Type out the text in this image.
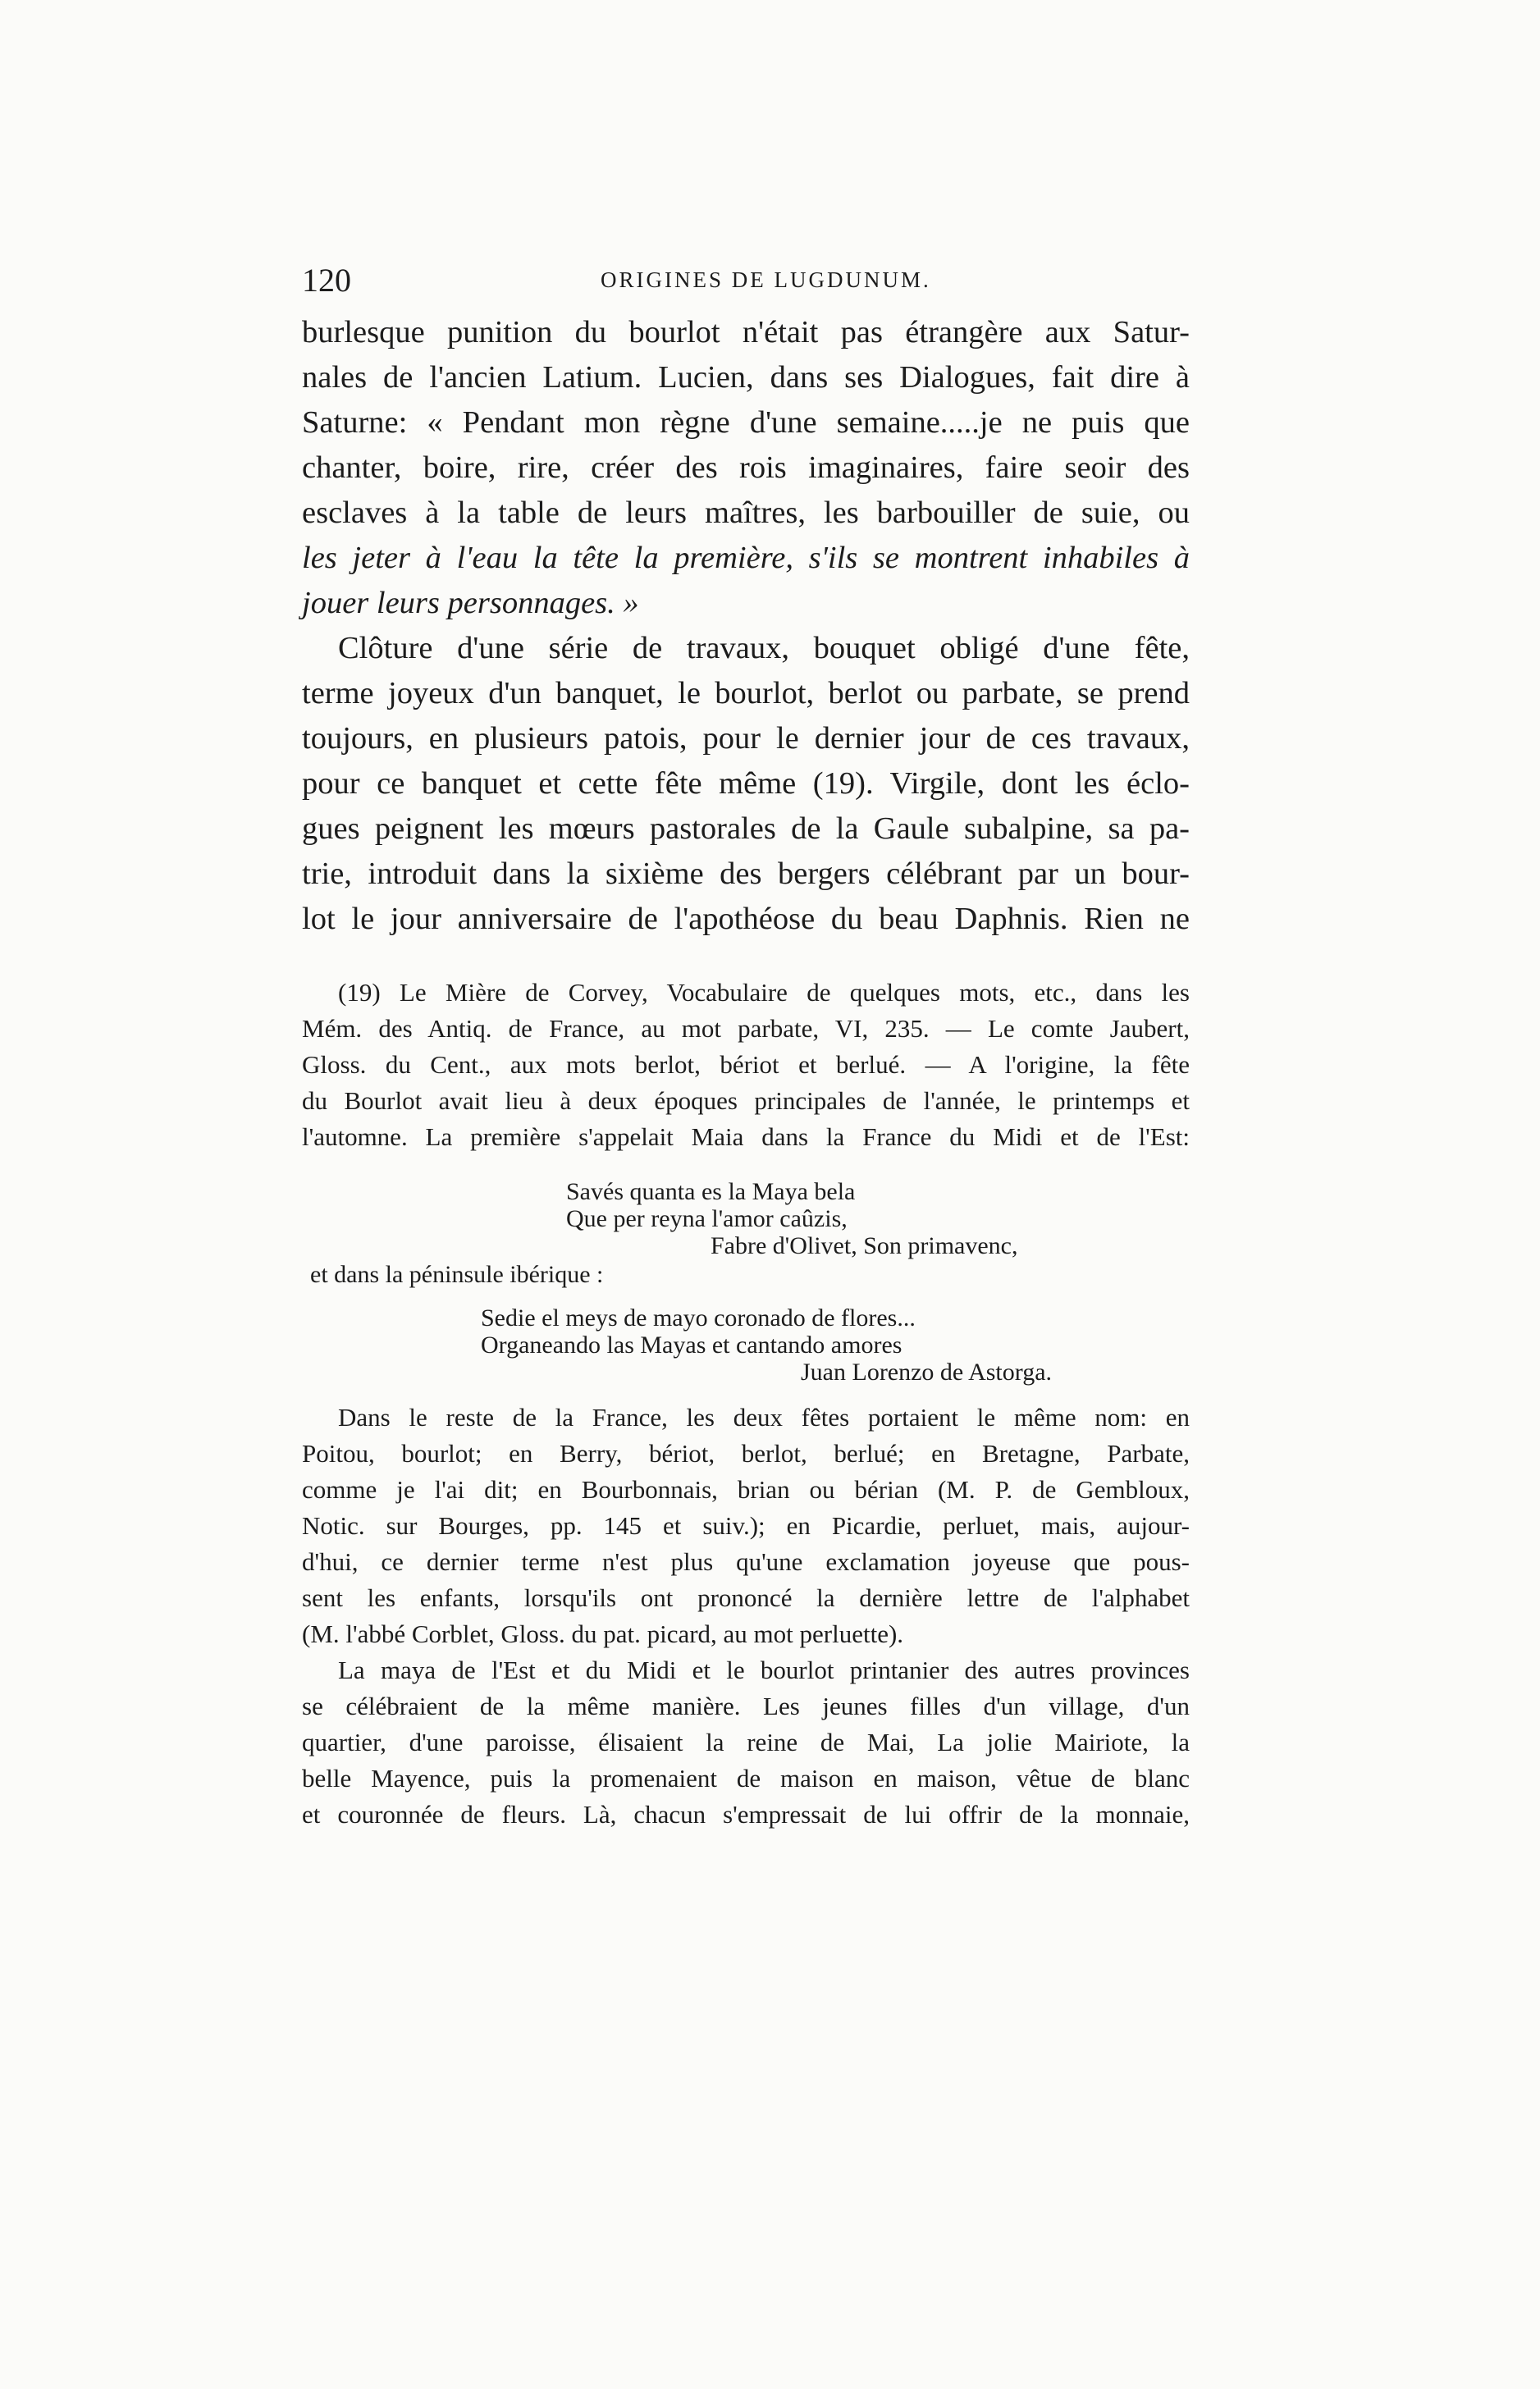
120	ORIGINES DE LUGDUNUM.
burlesque punition du bourlot n'était pas étrangère aux Satur-
nales de l'ancien Latium. Lucien, dans ses Dialogues, fait dire à
Saturne: « Pendant mon règne d'une semaine.....je ne puis que
chanter, boire, rire, créer des rois imaginaires, faire seoir des
esclaves à la table de leurs maîtres, les barbouiller de suie, ou
les jeter à l'eau la tête la première, s'ils se montrent inhabiles à
jouer leurs personnages. »
Clôture d'une série de travaux, bouquet obligé d'une fête,
terme joyeux d'un banquet, le bourlot, berlot ou parbate, se prend
toujours, en plusieurs patois, pour le dernier jour de ces travaux,
pour ce banquet et cette fête même (19). Virgile, dont les éclo-
gues peignent les mœurs pastorales de la Gaule subalpine, sa pa-
trie, introduit dans la sixième des bergers célébrant par un bour-
lot le jour anniversaire de l'apothéose du beau Daphnis. Rien ne
(19) Le Mière de Corvey, Vocabulaire de quelques mots, etc., dans les
Mém. des Antiq. de France, au mot parbate, VI, 235. — Le comte Jaubert,
Gloss. du Cent., aux mots berlot, bériot et berlué. — A l'origine, la fête
du Bourlot avait lieu à deux époques principales de l'année, le printemps et
l'automne. La première s'appelait Maia dans la France du Midi et de l'Est:
Savés quanta es la Maya bela
Que per reyna l'amor caûzis,
Fabre d'Olivet, Son primavenc,
et dans la péninsule ibérique :
Sedie el meys de mayo coronado de flores...
Organeando las Mayas et cantando amores
Juan Lorenzo de Astorga.
Dans le reste de la France, les deux fêtes portaient le même nom: en
Poitou, bourlot; en Berry, bériot, berlot, berlué; en Bretagne, Parbate,
comme je l'ai dit; en Bourbonnais, brian ou bérian (M. P. de Gembloux,
Notic. sur Bourges, pp. 145 et suiv.); en Picardie, perluet, mais, aujour-
d'hui, ce dernier terme n'est plus qu'une exclamation joyeuse que pous-
sent les enfants, lorsqu'ils ont prononcé la dernière lettre de l'alphabet
(M. l'abbé Corblet, Gloss. du pat. picard, au mot perluette).
La maya de l'Est et du Midi et le bourlot printanier des autres provinces
se célébraient de la même manière. Les jeunes filles d'un village, d'un
quartier, d'une paroisse, élisaient la reine de Mai, La jolie Mairiote, la
belle Mayence, puis la promenaient de maison en maison, vêtue de blanc
et couronnée de fleurs. Là, chacun s'empressait de lui offrir de la monnaie,
